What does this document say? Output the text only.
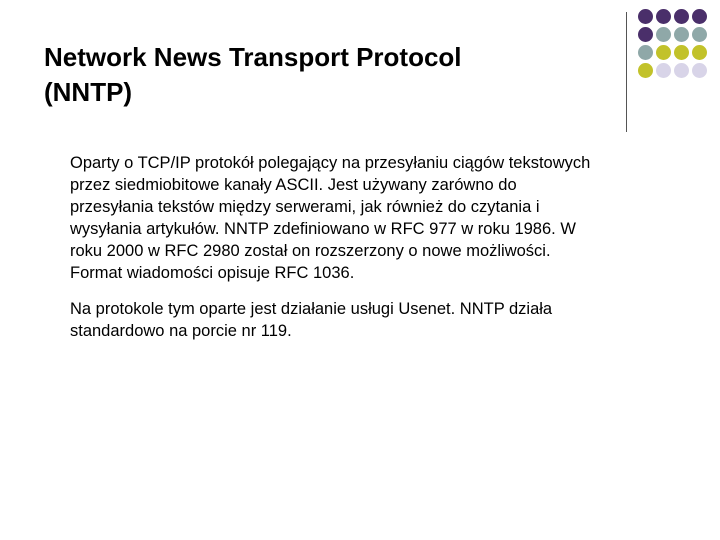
Network News Transport Protocol
(NNTP)

Oparty o TCP/IP protokół polegający na przesyłaniu ciągów tekstowych
przez siedmiobitowe kanały ASCII. Jest używany zarówno do
przesyłania tekstów między serwerami, jak również do czytania i
wysyłania artykułów. NNTP zdefiniowano w RFC 977 w roku 1986. W
roku 2000 w RFC 2980 został on rozszerzony o nowe możliwości.
Format wiadomości opisuje RFC 1036.

Na protokole tym oparte jest działanie usługi Usenet. NNTP działa
standardowo na porcie nr 119.
